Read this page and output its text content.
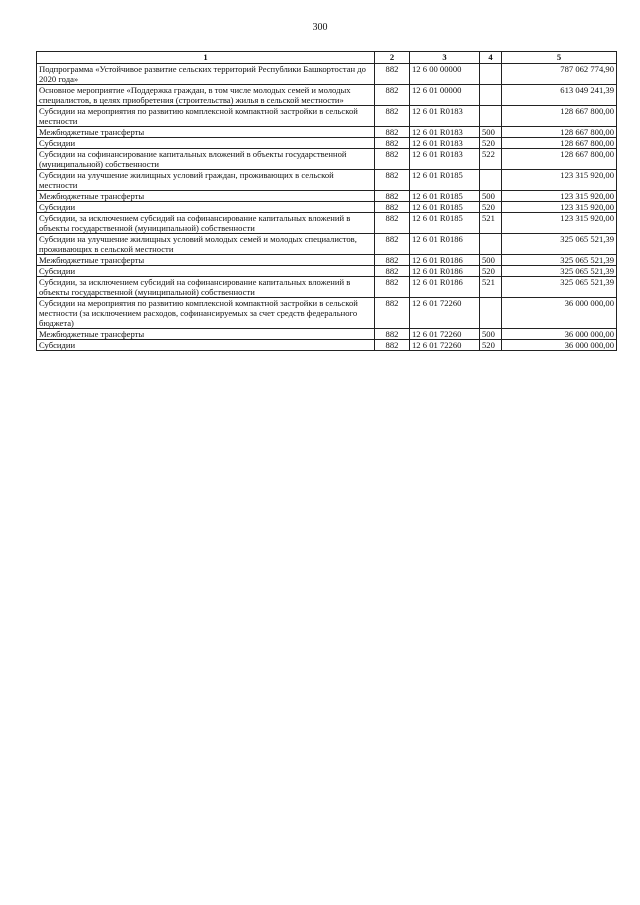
300
1	2	3	4	5
Подпрограмма «Устойчивое развитие сельских территорий Республики Башкортостан до 2020 года»	882	12 6 00 00000		787 062 774,90
Основное мероприятие «Поддержка граждан, в том числе молодых семей и молодых специалистов, в целях приобретения (строительства) жилья в сельской местности»	882	12 6 01 00000		613 049 241,39
Субсидии на мероприятия по развитию комплексной компактной застройки в сельской местности	882	12 6 01 R0183		128 667 800,00
Межбюджетные трансферты	882	12 6 01 R0183	500	128 667 800,00
Субсидии	882	12 6 01 R0183	520	128 667 800,00
Субсидии на софинансирование капитальных вложений в объекты государственной (муниципальной) собственности	882	12 6 01 R0183	522	128 667 800,00
Субсидии на улучшение жилищных условий граждан, проживающих в сельской местности	882	12 6 01 R0185		123 315 920,00
Межбюджетные трансферты	882	12 6 01 R0185	500	123 315 920,00
Субсидии	882	12 6 01 R0185	520	123 315 920,00
Субсидии, за исключением субсидий на софинансирование капитальных вложений в объекты государственной (муниципальной) собственности	882	12 6 01 R0185	521	123 315 920,00
Субсидии на улучшение жилищных условий молодых семей и молодых специалистов, проживающих в сельской местности	882	12 6 01 R0186		325 065 521,39
Межбюджетные трансферты	882	12 6 01 R0186	500	325 065 521,39
Субсидии	882	12 6 01 R0186	520	325 065 521,39
Субсидии, за исключением субсидий на софинансирование капитальных вложений в объекты государственной (муниципальной) собственности	882	12 6 01 R0186	521	325 065 521,39
Субсидии на мероприятия по развитию комплексной компактной застройки в сельской местности (за исключением расходов, софинансируемых за счет средств федерального бюджета)	882	12 6 01 72260		36 000 000,00
Межбюджетные трансферты	882	12 6 01 72260	500	36 000 000,00
Субсидии	882	12 6 01 72260	520	36 000 000,00
